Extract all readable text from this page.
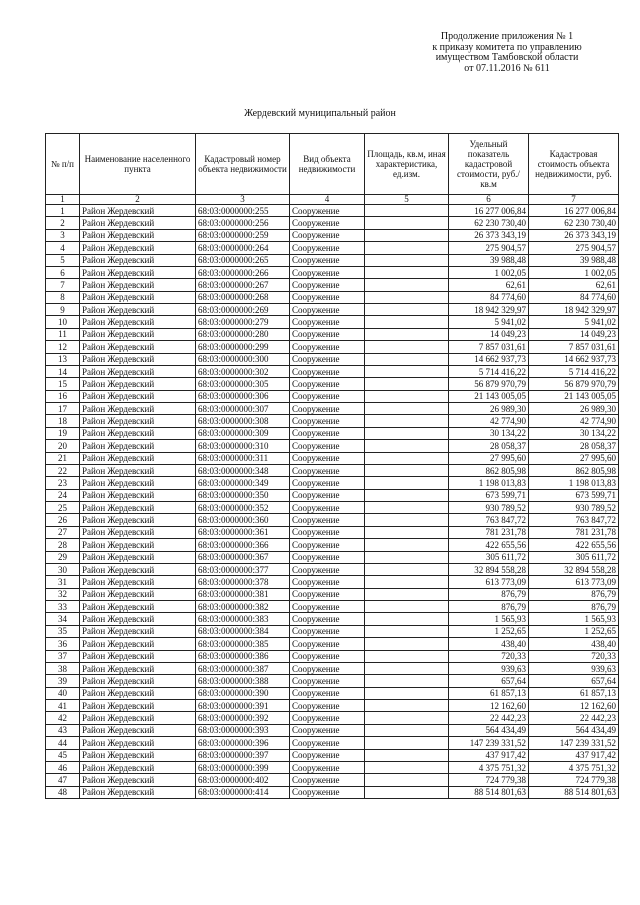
Продолжение приложения № 1
к приказу комитета по управлению
имуществом Тамбовской области
от 07.11.2016 № 611
Жердевский муниципальный район
№ п/п	Наименование населенного пункта	Кадастровый номер объекта недвижимости	Вид объекта недвижимости	Площадь, кв.м, иная характеристика, ед.изм.	Удельный показатель кадастровой стоимости, руб./кв.м	Кадастровая стоимость объекта недвижимости, руб.
1	2	3	4	5	6	7
1	Район Жердевский	68:03:0000000:255	Сооружение		16 277 006,84	16 277 006,84
2	Район Жердевский	68:03:0000000:256	Сооружение		62 230 730,40	62 230 730,40
3	Район Жердевский	68:03:0000000:259	Сооружение		26 373 343,19	26 373 343,19
4	Район Жердевский	68:03:0000000:264	Сооружение		275 904,57	275 904,57
5	Район Жердевский	68:03:0000000:265	Сооружение		39 988,48	39 988,48
6	Район Жердевский	68:03:0000000:266	Сооружение		1 002,05	1 002,05
7	Район Жердевский	68:03:0000000:267	Сооружение		62,61	62,61
8	Район Жердевский	68:03:0000000:268	Сооружение		84 774,60	84 774,60
9	Район Жердевский	68:03:0000000:269	Сооружение		18 942 329,97	18 942 329,97
10	Район Жердевский	68:03:0000000:279	Сооружение		5 941,02	5 941,02
11	Район Жердевский	68:03:0000000:280	Сооружение		14 049,23	14 049,23
12	Район Жердевский	68:03:0000000:299	Сооружение		7 857 031,61	7 857 031,61
13	Район Жердевский	68:03:0000000:300	Сооружение		14 662 937,73	14 662 937,73
14	Район Жердевский	68:03:0000000:302	Сооружение		5 714 416,22	5 714 416,22
15	Район Жердевский	68:03:0000000:305	Сооружение		56 879 970,79	56 879 970,79
16	Район Жердевский	68:03:0000000:306	Сооружение		21 143 005,05	21 143 005,05
17	Район Жердевский	68:03:0000000:307	Сооружение		26 989,30	26 989,30
18	Район Жердевский	68:03:0000000:308	Сооружение		42 774,90	42 774,90
19	Район Жердевский	68:03:0000000:309	Сооружение		30 134,22	30 134,22
20	Район Жердевский	68:03:0000000:310	Сооружение		28 058,37	28 058,37
21	Район Жердевский	68:03:0000000:311	Сооружение		27 995,60	27 995,60
22	Район Жердевский	68:03:0000000:348	Сооружение		862 805,98	862 805,98
23	Район Жердевский	68:03:0000000:349	Сооружение		1 198 013,83	1 198 013,83
24	Район Жердевский	68:03:0000000:350	Сооружение		673 599,71	673 599,71
25	Район Жердевский	68:03:0000000:352	Сооружение		930 789,52	930 789,52
26	Район Жердевский	68:03:0000000:360	Сооружение		763 847,72	763 847,72
27	Район Жердевский	68:03:0000000:361	Сооружение		781 231,78	781 231,78
28	Район Жердевский	68:03:0000000:366	Сооружение		422 655,56	422 655,56
29	Район Жердевский	68:03:0000000:367	Сооружение		305 611,72	305 611,72
30	Район Жердевский	68:03:0000000:377	Сооружение		32 894 558,28	32 894 558,28
31	Район Жердевский	68:03:0000000:378	Сооружение		613 773,09	613 773,09
32	Район Жердевский	68:03:0000000:381	Сооружение		876,79	876,79
33	Район Жердевский	68:03:0000000:382	Сооружение		876,79	876,79
34	Район Жердевский	68:03:0000000:383	Сооружение		1 565,93	1 565,93
35	Район Жердевский	68:03:0000000:384	Сооружение		1 252,65	1 252,65
36	Район Жердевский	68:03:0000000:385	Сооружение		438,40	438,40
37	Район Жердевский	68:03:0000000:386	Сооружение		720,33	720,33
38	Район Жердевский	68:03:0000000:387	Сооружение		939,63	939,63
39	Район Жердевский	68:03:0000000:388	Сооружение		657,64	657,64
40	Район Жердевский	68:03:0000000:390	Сооружение		61 857,13	61 857,13
41	Район Жердевский	68:03:0000000:391	Сооружение		12 162,60	12 162,60
42	Район Жердевский	68:03:0000000:392	Сооружение		22 442,23	22 442,23
43	Район Жердевский	68:03:0000000:393	Сооружение		564 434,49	564 434,49
44	Район Жердевский	68:03:0000000:396	Сооружение		147 239 331,52	147 239 331,52
45	Район Жердевский	68:03:0000000:397	Сооружение		437 917,42	437 917,42
46	Район Жердевский	68:03:0000000:399	Сооружение		4 375 751,32	4 375 751,32
47	Район Жердевский	68:03:0000000:402	Сооружение		724 779,38	724 779,38
48	Район Жердевский	68:03:0000000:414	Сооружение		88 514 801,63	88 514 801,63
